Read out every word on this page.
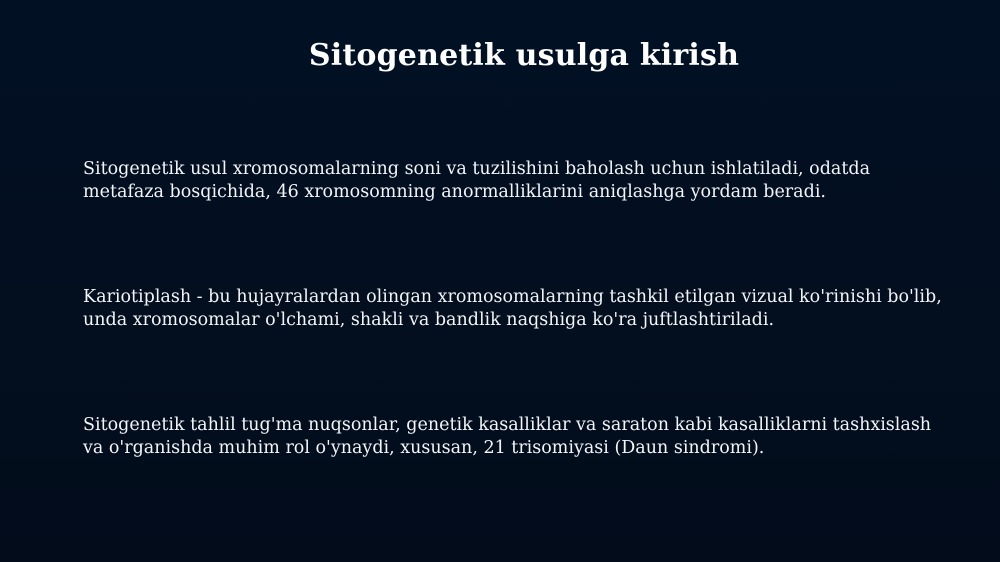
Sitogenetik usulga kirish

Sitogenetik usul xromosomalarning soni va tuzilishini baholash uchun ishlatiladi, odatda metafaza bosqichida, 46 xromosomning anormalliklarini aniqlashga yordam beradi.

Kariotiplash - bu hujayralardan olingan xromosomalarning tashkil etilgan vizual ko'rinishi bo'lib, unda xromosomalar o'lchami, shakli va bandlik naqshiga ko'ra juftlashtiriladi.

Sitogenetik tahlil tug'ma nuqsonlar, genetik kasalliklar va saraton kabi kasalliklarni tashxislash va o'rganishda muhim rol o'ynaydi, xususan, 21 trisomiyasi (Daun sindromi).
